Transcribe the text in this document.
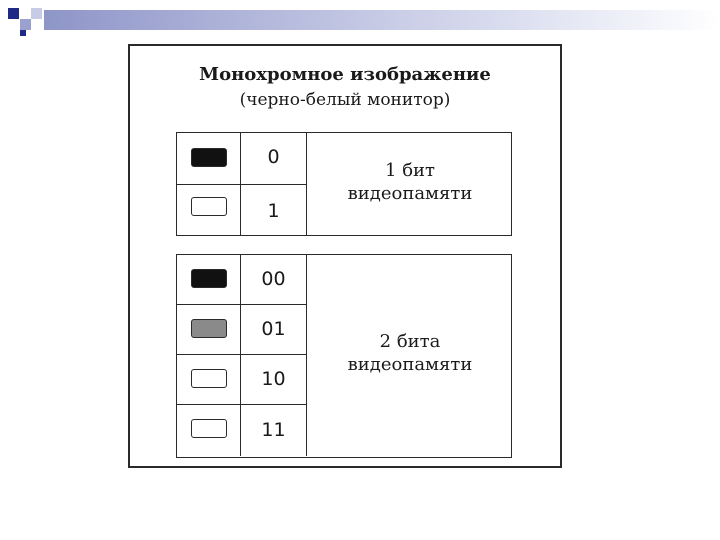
Монохромное изображение
(черно-белый монитор)
0
1
1 бит
видеопамяти
00
01
10
11
2 бита
видеопамяти
